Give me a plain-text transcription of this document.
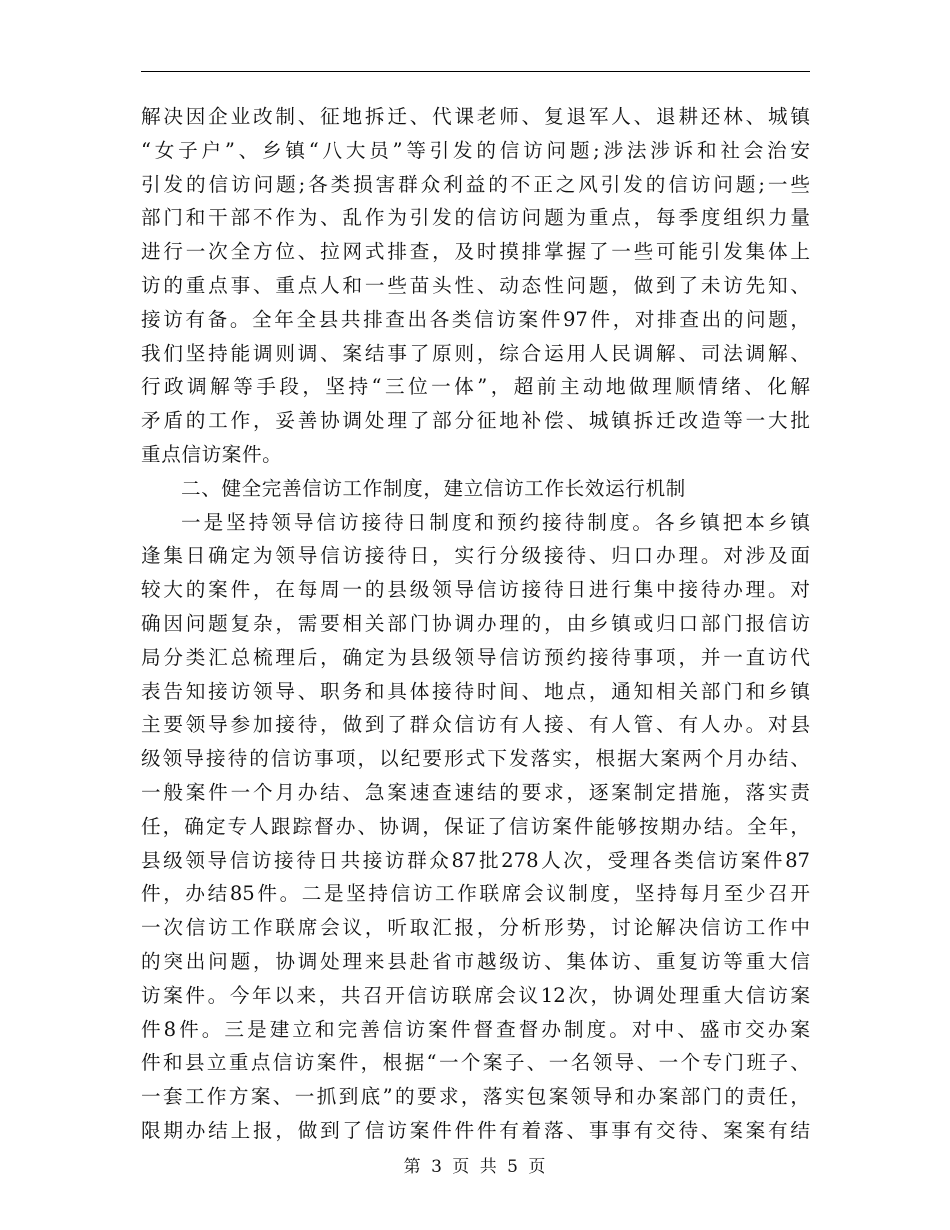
解决因企业改制、征地拆迁、代课老师、复退军人、退耕还林、城镇
“女子户”、乡镇“八大员”等引发的信访问题;涉法涉诉和社会治安
引发的信访问题;各类损害群众利益的不正之风引发的信访问题;一些
部门和干部不作为、乱作为引发的信访问题为重点，每季度组织力量
进行一次全方位、拉网式排查，及时摸排掌握了一些可能引发集体上
访的重点事、重点人和一些苗头性、动态性问题，做到了未访先知、
接访有备。全年全县共排查出各类信访案件97件，对排查出的问题，
我们坚持能调则调、案结事了原则，综合运用人民调解、司法调解、
行政调解等手段，坚持“三位一体”，超前主动地做理顺情绪、化解
矛盾的工作，妥善协调处理了部分征地补偿、城镇拆迁改造等一大批
重点信访案件。
二、健全完善信访工作制度，建立信访工作长效运行机制
一是坚持领导信访接待日制度和预约接待制度。各乡镇把本乡镇
逢集日确定为领导信访接待日，实行分级接待、归口办理。对涉及面
较大的案件，在每周一的县级领导信访接待日进行集中接待办理。对
确因问题复杂，需要相关部门协调办理的，由乡镇或归口部门报信访
局分类汇总梳理后，确定为县级领导信访预约接待事项，并一直访代
表告知接访领导、职务和具体接待时间、地点，通知相关部门和乡镇
主要领导参加接待，做到了群众信访有人接、有人管、有人办。对县
级领导接待的信访事项，以纪要形式下发落实，根据大案两个月办结、
一般案件一个月办结、急案速查速结的要求，逐案制定措施，落实责
任，确定专人跟踪督办、协调，保证了信访案件能够按期办结。全年，
县级领导信访接待日共接访群众87批278人次，受理各类信访案件87
件，办结85件。二是坚持信访工作联席会议制度，坚持每月至少召开
一次信访工作联席会议，听取汇报，分析形势，讨论解决信访工作中
的突出问题，协调处理来县赴省市越级访、集体访、重复访等重大信
访案件。今年以来，共召开信访联席会议12次，协调处理重大信访案
件8件。三是建立和完善信访案件督查督办制度。对中、盛市交办案
件和县立重点信访案件，根据“一个案子、一名领导、一个专门班子、
一套工作方案、一抓到底”的要求，落实包案领导和办案部门的责任，
限期办结上报，做到了信访案件件件有着落、事事有交待、案案有结
第 3 页 共 5 页
